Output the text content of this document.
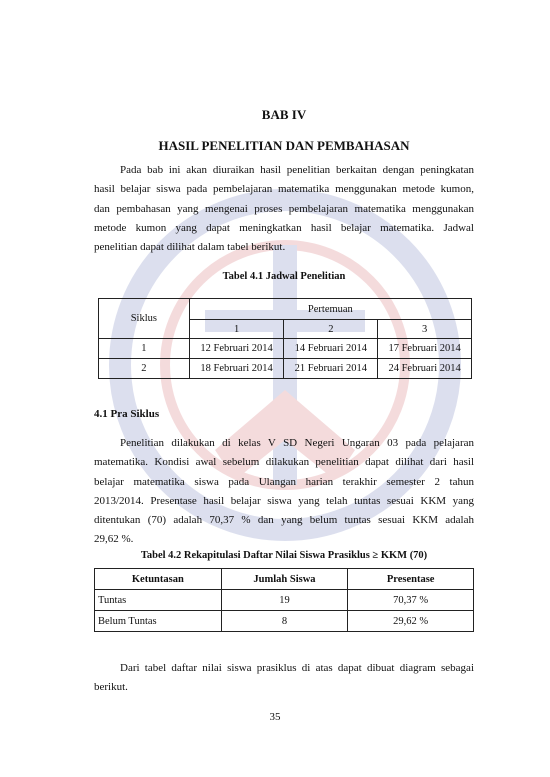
BAB IV
HASIL PENELITIAN DAN PEMBAHASAN
Pada bab ini akan diuraikan hasil penelitian berkaitan dengan peningkatan
hasil belajar siswa pada pembelajaran matematika menggunakan metode kumon,
dan pembahasan yang mengenai proses pembelajaran matematika menggunakan
metode kumon yang dapat meningkatkan hasil belajar matematika. Jadwal
penelitian dapat dilihat dalam tabel berikut.
Tabel 4.1 Jadwal Penelitian
Siklus	Pertemuan		
	1	2	3
1	12 Februari 2014	14 Februari 2014	17 Februari 2014
2	18 Februari 2014	21 Februari 2014	24 Februari 2014
4.1 Pra Siklus
Penelitian dilakukan di kelas V SD Negeri Ungaran 03 pada pelajaran
matematika. Kondisi awal sebelum dilakukan penelitian dapat dilihat dari hasil
belajar matematika siswa pada Ulangan harian terakhir semester 2 tahun
2013/2014. Presentase hasil belajar siswa yang telah tuntas sesuai KKM yang
ditentukan (70) adalah 70,37 % dan yang belum tuntas sesuai KKM adalah
29,62 %.
Tabel 4.2 Rekapitulasi Daftar Nilai Siswa Prasiklus ≥ KKM (70)
Ketuntasan	Jumlah Siswa	Presentase
Tuntas	19	70,37 %
Belum Tuntas	8	29,62 %
Dari tabel daftar nilai siswa prasiklus di atas dapat dibuat diagram sebagai
berikut.
35
